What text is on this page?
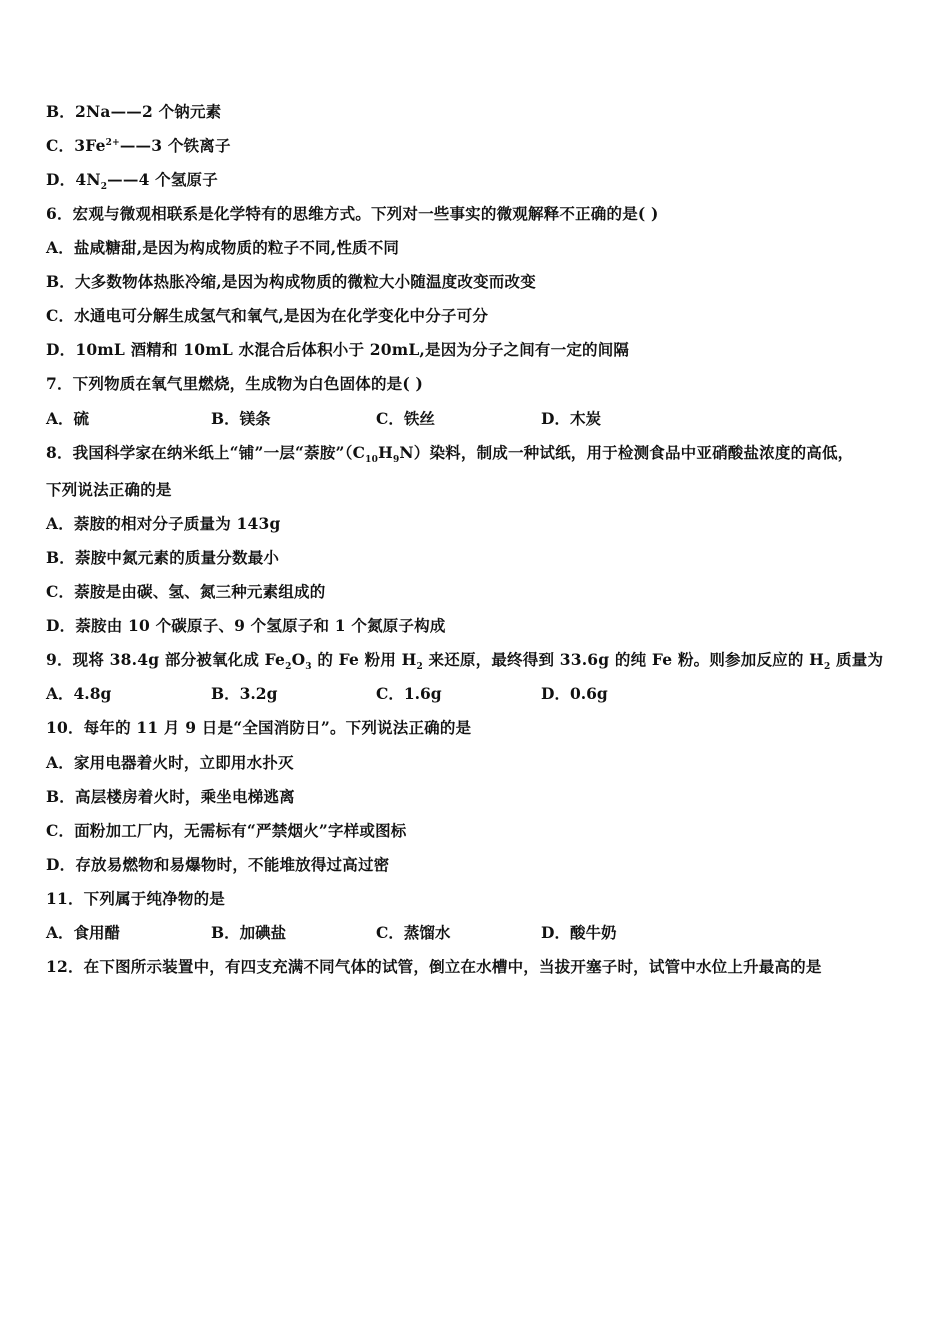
B．2Na——2 个钠元素
C．$3Fe^{2+}——3$ 个铁离子
D．$4N_2——4$ 个氢原子
6．宏观与微观相联系是化学特有的思维方式。下列对一些事实的微观解释不正确的是( )
A．盐咸糖甜,是因为构成物质的粒子不同,性质不同
B．大多数物体热胀冷缩,是因为构成物质的微粒大小随温度改变而改变
C．水通电可分解生成氢气和氧气,是因为在化学变化中分子可分
D．10mL 酒精和 10mL 水混合后体积小于 20mL,是因为分子之间有一定的间隔
7．下列物质在氧气里燃烧，生成物为白色固体的是( )
A．硫	B．镁条	C．铁丝	D．木炭
8．我国科学家在纳米纸上“铺”一层“萘胺$”(C_{10}H_9N)$染料，制成一种试纸，用于检测食品中亚硝酸盐浓度的高低，
下列说法正确的是
A．萘胺的相对分子质量为 143g
B．萘胺中氮元素的质量分数最小
C．萘胺是由碳、氢、氮三种元素组成的
D．萘胺由 10 个碳原子、9 个氢原子和 1 个氮原子构成
9．现将 38.4g 部分被氧化成 $Fe_2O_3$ 的 Fe 粉用 $H_2$ 来还原，最终得到 33.6g 的纯 Fe 粉。则参加反应的 $H_2$ 质量为
A．4.8g	B．3.2g	C．1.6g	D．0.6g
10．每年的 11 月 9 日是“全国消防日”。下列说法正确的是
A．家用电器着火时，立即用水扑灭
B．高层楼房着火时，乘坐电梯逃离
C．面粉加工厂内，无需标有“严禁烟火”字样或图标
D．存放易燃物和易爆物时，不能堆放得过高过密
11．下列属于纯净物的是
A．食用醋	B．加碘盐	C．蒸馏水	D．酸牛奶
12．在下图所示装置中，有四支充满不同气体的试管，倒立在水槽中，当拔开塞子时，试管中水位上升最高的是
